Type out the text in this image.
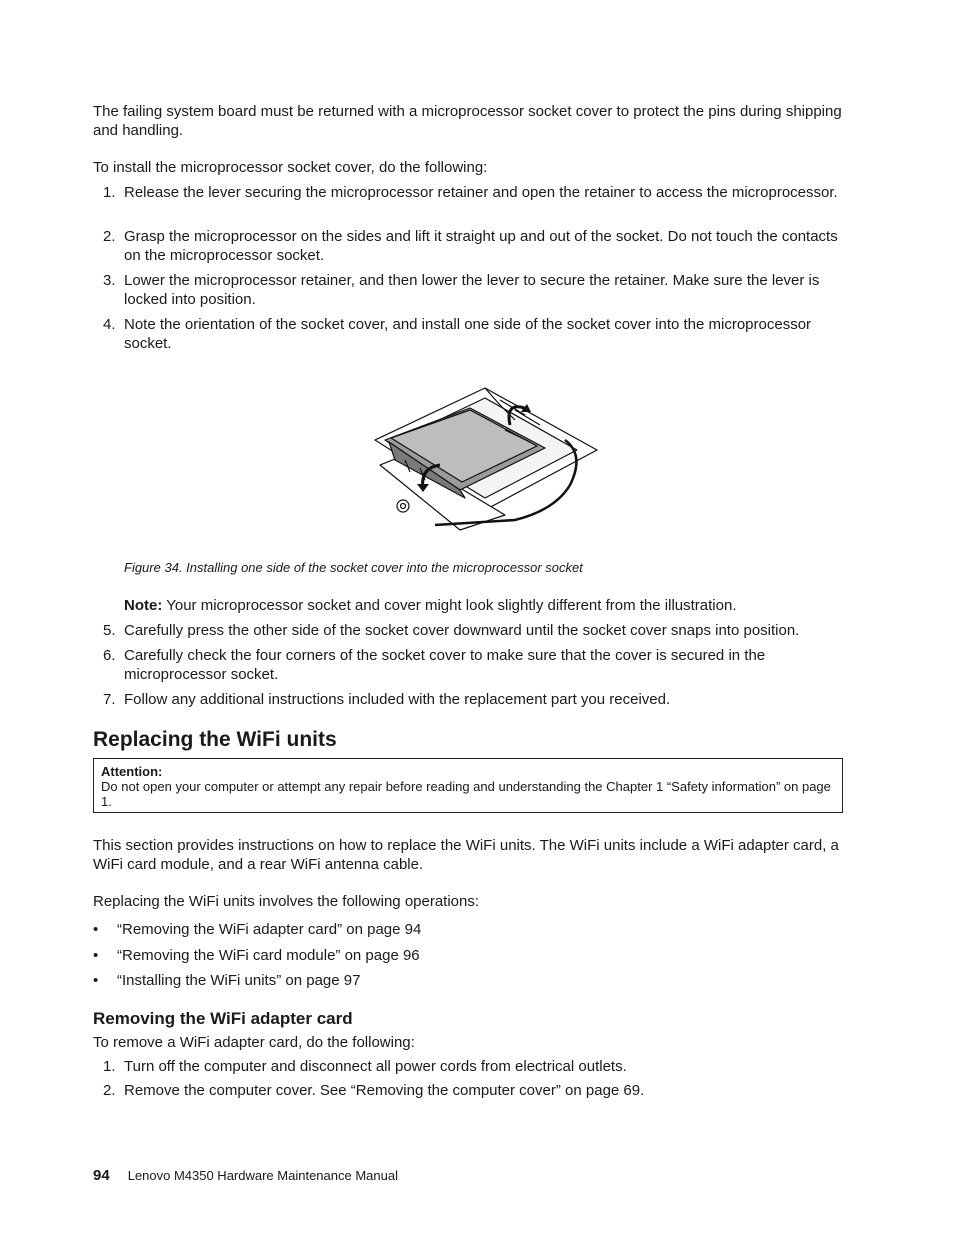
The failing system board must be returned with a microprocessor socket cover to protect the pins during shipping and handling.

To install the microprocessor socket cover, do the following:

1. Release the lever securing the microprocessor retainer and open the retainer to access the microprocessor.
2. Grasp the microprocessor on the sides and lift it straight up and out of the socket. Do not touch the contacts on the microprocessor socket.
3. Lower the microprocessor retainer, and then lower the lever to secure the retainer. Make sure the lever is locked into position.
4. Note the orientation of the socket cover, and install one side of the socket cover into the microprocessor socket.
Figure 34. Installing one side of the socket cover into the microprocessor socket
Note: Your microprocessor socket and cover might look slightly different from the illustration.
5. Carefully press the other side of the socket cover downward until the socket cover snaps into position.
6. Carefully check the four corners of the socket cover to make sure that the cover is secured in the microprocessor socket.
7. Follow any additional instructions included with the replacement part you received.
Replacing the WiFi units
Attention:
Do not open your computer or attempt any repair before reading and understanding the Chapter 1 “Safety information” on page 1.

This section provides instructions on how to replace the WiFi units. The WiFi units include a WiFi adapter card, a WiFi card module, and a rear WiFi antenna cable.

Replacing the WiFi units involves the following operations:

• “Removing the WiFi adapter card” on page 94
• “Removing the WiFi card module” on page 96
• “Installing the WiFi units” on page 97
Removing the WiFi adapter card

To remove a WiFi adapter card, do the following:

1. Turn off the computer and disconnect all power cords from electrical outlets.
2. Remove the computer cover. See “Removing the computer cover” on page 69.
94 Lenovo M4350 Hardware Maintenance Manual
